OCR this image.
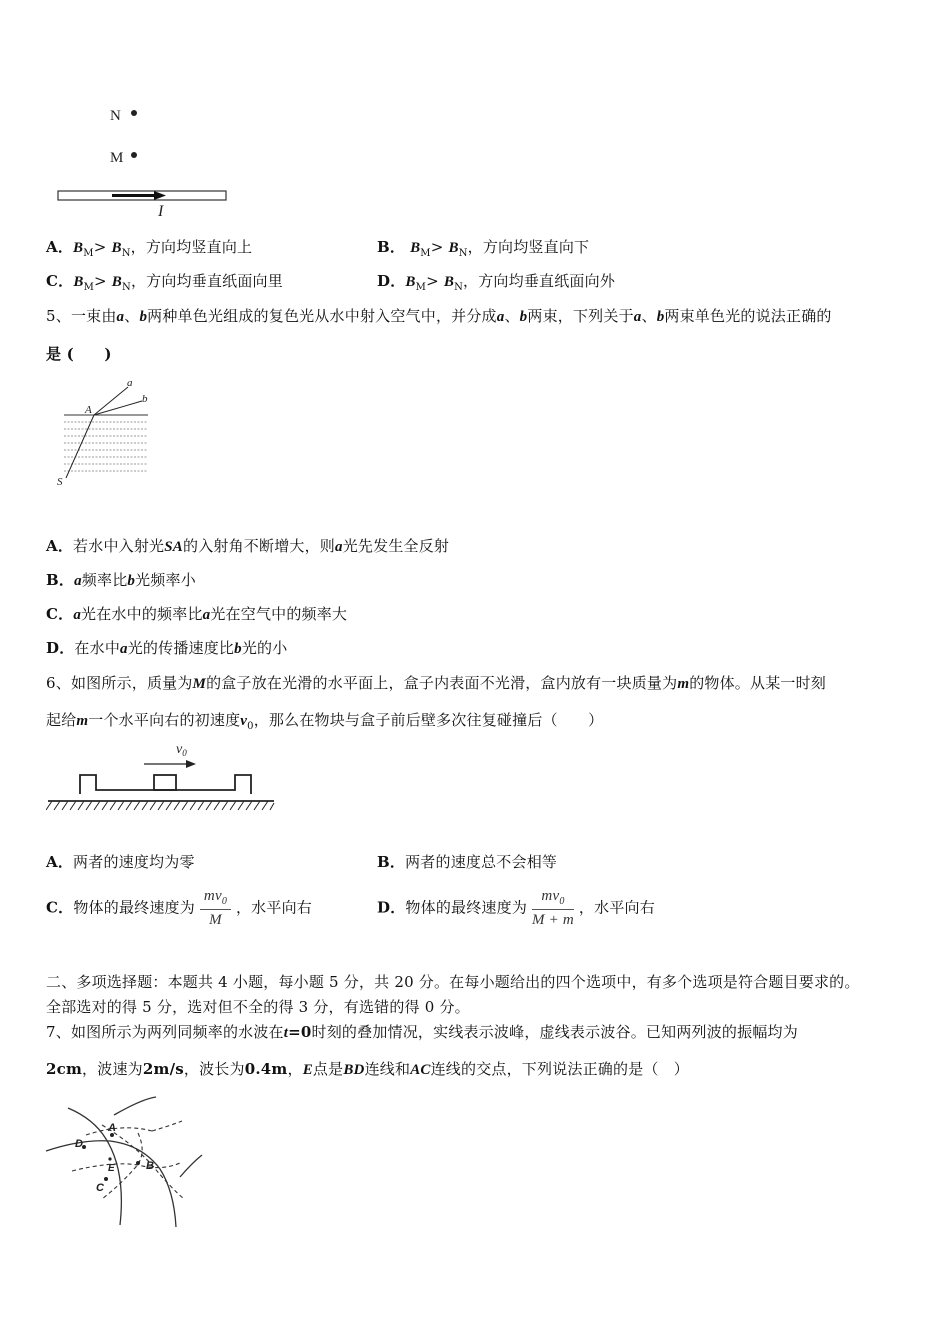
N
M
I
A．$B_M> B_N$，方向均竖直向上	B． $B_M> B_N$，方向均竖直向下
C．$B_M> B_N$，方向均垂直纸面向里	D．$B_M> B_N$，方向均垂直纸面向外
5、一束由a、b两种单色光组成的复色光从水中射入空气中，并分成a、b两束，下列关于a、b两束单色光的说法正确的
是 (　　)
A
a
b
S
A．若水中入射光SA的入射角不断增大，则a光先发生全反射
B．a频率比b光频率小
C．a光在水中的频率比a光在空气中的频率大
D．在水中a光的传播速度比b光的小
6、如图所示，质量为M的盒子放在光滑的水平面上，盒子内表面不光滑，盒内放有一块质量为m的物体。从某一时刻
起给m一个水平向右的初速度$v_0$，那么在物块与盒子前后壁多次往复碰撞后（　　）
$v_0$
A．两者的速度均为零	B．两者的速度总不会相等
C．物体的最终速度为 $\frac{mv_0}{M}$ ，水平向右	D．物体的最终速度为 $\frac{mv_0}{M + m}$ ，水平向右
二、多项选择题：本题共 4 小题，每小题 5 分，共 20 分。在每小题给出的四个选项中，有多个选项是符合题目要求的。
全部选对的得 5 分，选对但不全的得 3 分，有选错的得 0 分。
7、如图所示为两列同频率的水波在t=0时刻的叠加情况，实线表示波峰，虚线表示波谷。已知两列波的振幅均为
2cm，波速为2m/s，波长为0.4m，E点是BD连线和AC连线的交点，下列说法正确的是（　）
A
B
C
D
E
